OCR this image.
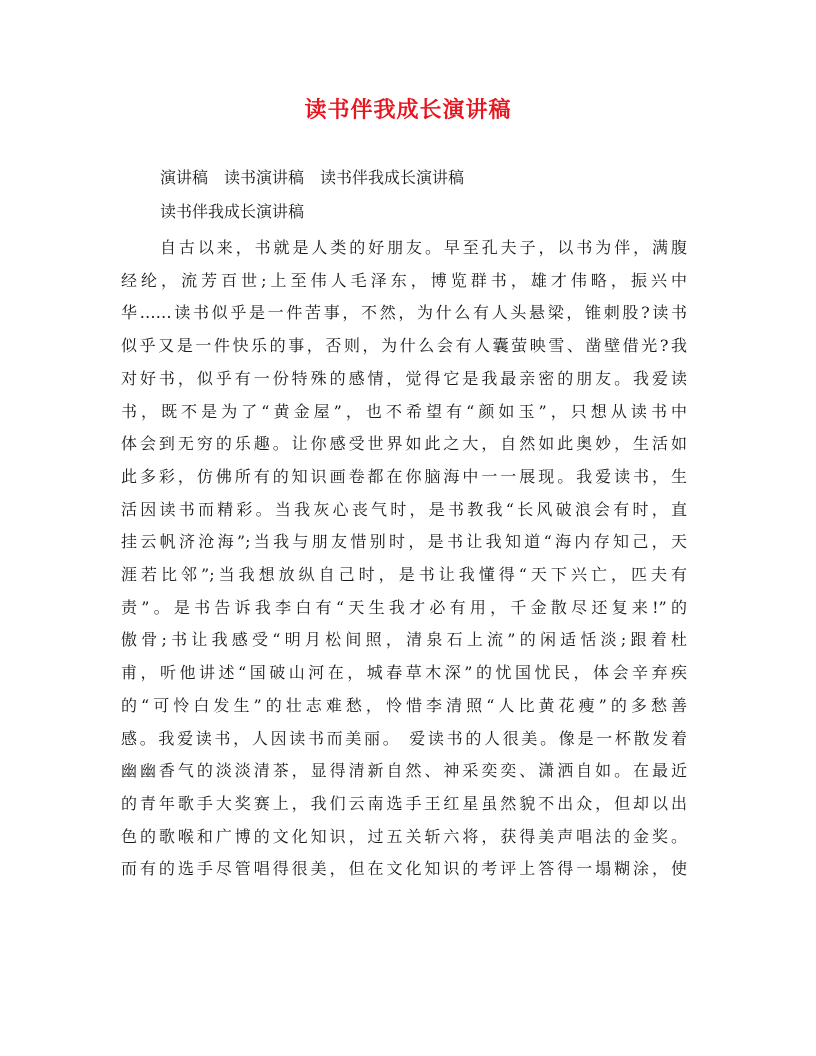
读书伴我成长演讲稿
演讲稿　读书演讲稿　读书伴我成长演讲稿
读书伴我成长演讲稿
自古以来，书就是人类的好朋友。早至孔夫子，以书为伴，满腹
经纶，流芳百世;上至伟人毛泽东，博览群书，雄才伟略，振兴中
华……读书似乎是一件苦事，不然，为什么有人头悬梁，锥刺股?读书
似乎又是一件快乐的事，否则，为什么会有人囊萤映雪、凿壁借光?我
对好书，似乎有一份特殊的感情，觉得它是我最亲密的朋友。我爱读
书，既不是为了“黄金屋”，也不希望有“颜如玉”，只想从读书中
体会到无穷的乐趣。让你感受世界如此之大，自然如此奥妙，生活如
此多彩，仿佛所有的知识画卷都在你脑海中一一展现。我爱读书，生
活因读书而精彩。当我灰心丧气时，是书教我“长风破浪会有时，直
挂云帆济沧海”;当我与朋友惜别时，是书让我知道“海内存知己，天
涯若比邻”;当我想放纵自己时，是书让我懂得“天下兴亡，匹夫有
责”。是书告诉我李白有“天生我才必有用，千金散尽还复来!”的
傲骨;书让我感受“明月松间照，清泉石上流”的闲适恬淡;跟着杜
甫，听他讲述“国破山河在，城春草木深”的忧国忧民，体会辛弃疾
的“可怜白发生”的壮志难愁，怜惜李清照“人比黄花瘦”的多愁善
感。我爱读书，人因读书而美丽。 爱读书的人很美。像是一杯散发着
幽幽香气的淡淡清茶，显得清新自然、神采奕奕、潇洒自如。在最近
的青年歌手大奖赛上，我们云南选手王红星虽然貌不出众，但却以出
色的歌喉和广博的文化知识，过五关斩六将，获得美声唱法的金奖。
而有的选手尽管唱得很美，但在文化知识的考评上答得一塌糊涂，使
